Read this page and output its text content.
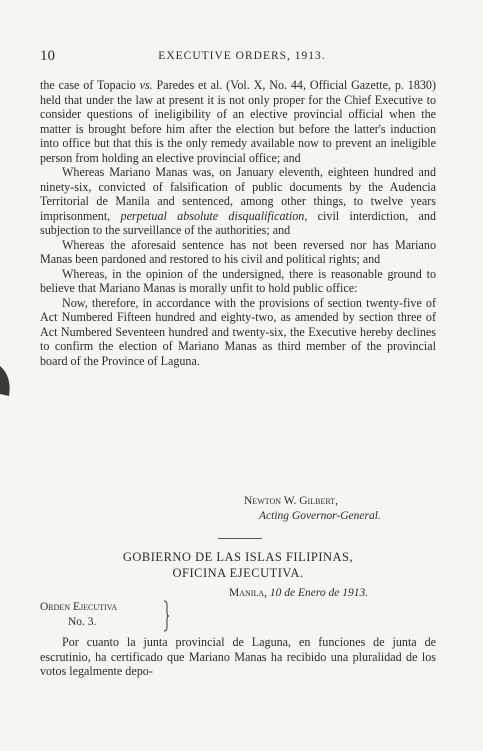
10	EXECUTIVE ORDERS, 1913.

the case of Topacio vs. Paredes et al. (Vol. X, No. 44, Official Gazette, p. 1830) held that under the law at present it is not only proper for the Chief Executive to consider questions of ineligibility of an elective provincial official when the matter is brought before him after the election but before the latter's induction into office but that this is the only remedy available now to prevent an ineligible person from holding an elective provincial office; and

Whereas Mariano Manas was, on January eleventh, eighteen hundred and ninety-six, convicted of falsification of public documents by the Audencia Territorial de Manila and sentenced, among other things, to twelve years imprisonment, perpetual absolute disqualification, civil interdiction, and subjection to the surveillance of the authorities; and

Whereas the aforesaid sentence has not been reversed nor has Mariano Manas been pardoned and restored to his civil and political rights; and

Whereas, in the opinion of the undersigned, there is reasonable ground to believe that Mariano Manas is morally unfit to hold public office:

Now, therefore, in accordance with the provisions of section twenty-five of Act Numbered Fifteen hundred and eighty-two, as amended by section three of Act Numbered Seventeen hundred and twenty-six, the Executive hereby declines to confirm the election of Mariano Manas as third member of the provincial board of the Province of Laguna.

Newton W. Gilbert,
Acting Governor-General.
GOBIERNO DE LAS ISLAS FILIPINAS,
OFICINA EJECUTIVA.
Manila, 10 de Enero de 1913.
Orden Ejecutiva
No. 3.

Por cuanto la junta provincial de Laguna, en funciones de junta de escrutinio, ha certificado que Mariano Manas ha recibido una pluralidad de los votos legalmente depo-
